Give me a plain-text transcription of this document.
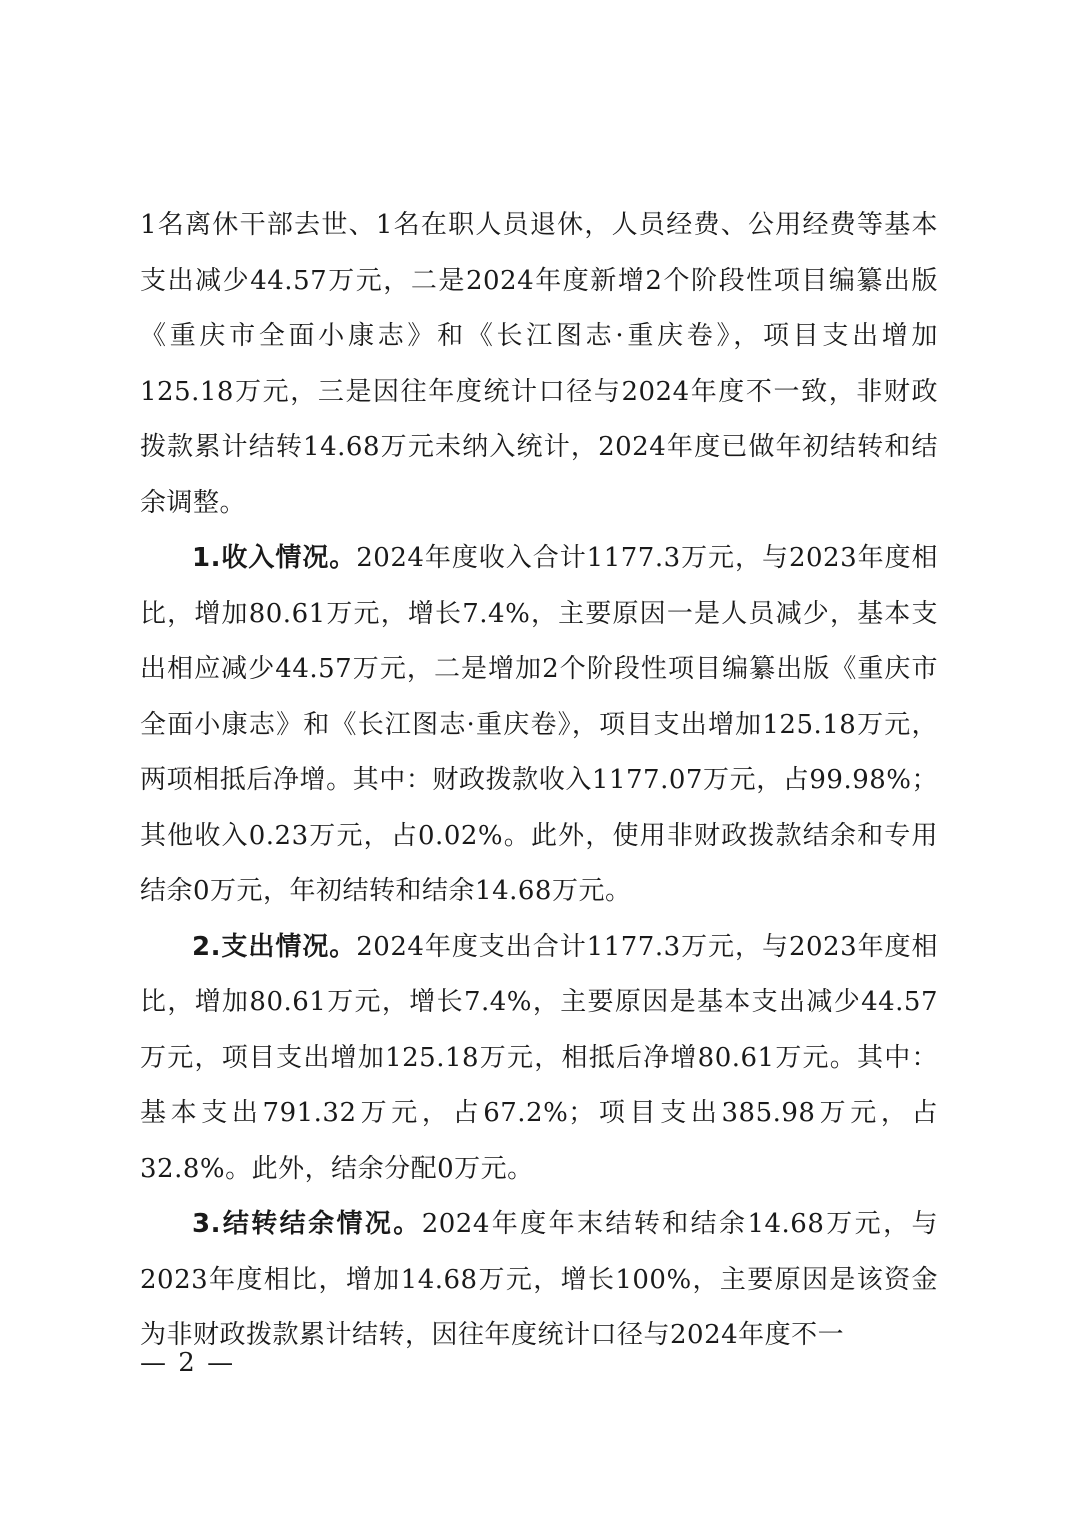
1名离休干部去世、1名在职人员退休，人员经费、公用经费等基本支出减少44.57万元，二是2024年度新增2个阶段性项目编纂出版《重庆市全面小康志》和《长江图志·重庆卷》，项目支出增加125.18万元，三是因往年度统计口径与2024年度不一致，非财政拨款累计结转14.68万元未纳入统计，2024年度已做年初结转和结余调整。

1.收入情况。2024年度收入合计1177.3万元，与2023年度相比，增加80.61万元，增长7.4%，主要原因一是人员减少，基本支出相应减少44.57万元，二是增加2个阶段性项目编纂出版《重庆市全面小康志》和《长江图志·重庆卷》，项目支出增加125.18万元，两项相抵后净增。其中：财政拨款收入1177.07万元，占99.98%；其他收入0.23万元，占0.02%。此外，使用非财政拨款结余和专用结余0万元，年初结转和结余14.68万元。

2.支出情况。2024年度支出合计1177.3万元，与2023年度相比，增加80.61万元，增长7.4%，主要原因是基本支出减少44.57万元，项目支出增加125.18万元，相抵后净增80.61万元。其中：基本支出791.32万元，占67.2%；项目支出385.98万元，占32.8%。此外，结余分配0万元。

3.结转结余情况。2024年度年末结转和结余14.68万元，与2023年度相比，增加14.68万元，增长100%，主要原因是该资金为非财政拨款累计结转，因往年度统计口径与2024年度不一

— 2 —
